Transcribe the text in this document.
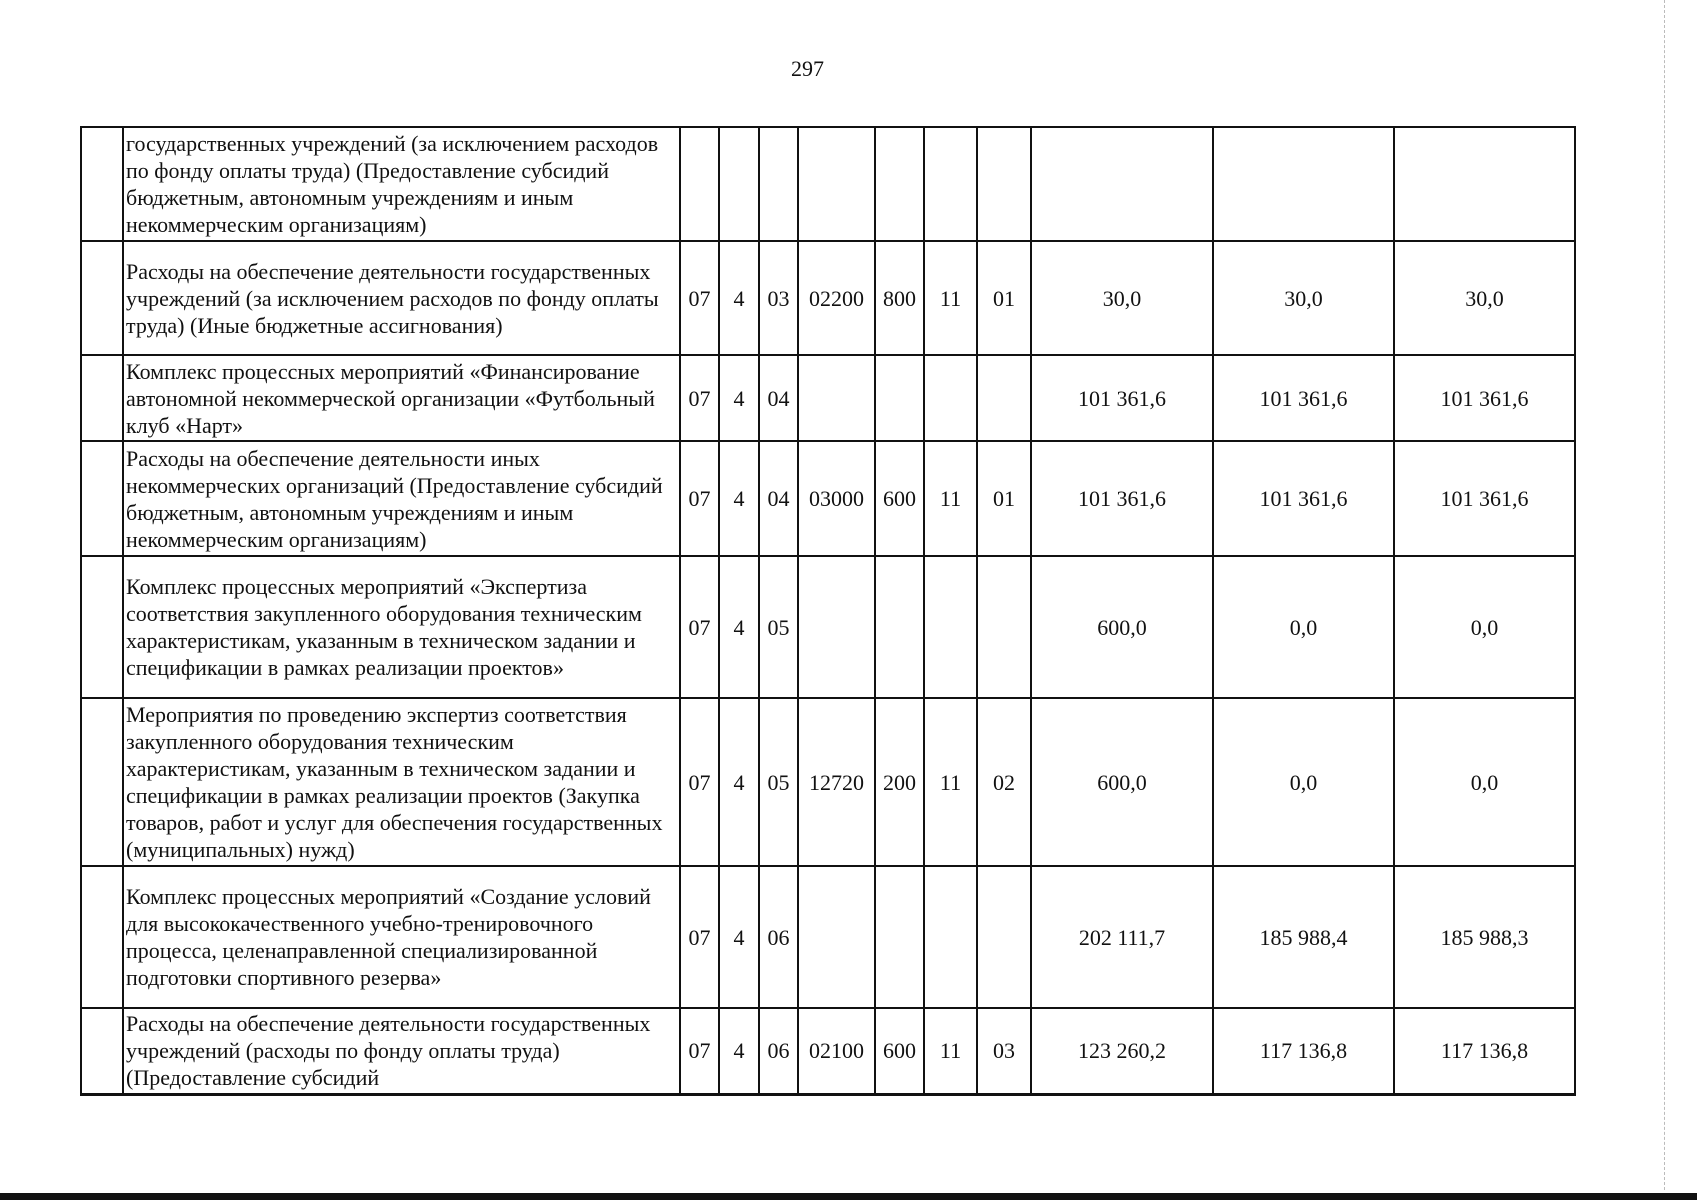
297
	государственных учреждений (за исключением расходов по фонду оплаты труда) (Предоставление субсидий бюджетным, автономным учреждениям и иным некоммерческим организациям)										
	Расходы на обеспечение деятельности государственных учреждений (за исключением расходов по фонду оплаты труда) (Иные бюджетные ассигнования)	07	4	03	02200	800	11	01	30,0	30,0	30,0
	Комплекс процессных мероприятий «Финансирование автономной некоммерческой организации «Футбольный клуб «Нарт»	07	4	04					101 361,6	101 361,6	101 361,6
	Расходы на обеспечение деятельности иных некоммерческих организаций (Предоставление субсидий бюджетным, автономным учреждениям и иным некоммерческим организациям)	07	4	04	03000	600	11	01	101 361,6	101 361,6	101 361,6
	Комплекс процессных мероприятий «Экспертиза соответствия закупленного оборудования техническим характеристикам, указанным в техническом задании и спецификации в рамках реализации проектов»	07	4	05					600,0	0,0	0,0
	Мероприятия по проведению экспертиз соответствия закупленного оборудования техническим характеристикам, указанным в техническом задании и спецификации в рамках реализации проектов (Закупка товаров, работ и услуг для обеспечения государственных (муниципальных) нужд)	07	4	05	12720	200	11	02	600,0	0,0	0,0
	Комплекс процессных мероприятий «Создание условий для высококачественного учебно-тренировочного процесса, целенаправленной специализированной подготовки спортивного резерва»	07	4	06					202 111,7	185 988,4	185 988,3
	Расходы на обеспечение деятельности государственных учреждений (расходы по фонду оплаты труда) (Предоставление субсидий	07	4	06	02100	600	11	03	123 260,2	117 136,8	117 136,8
